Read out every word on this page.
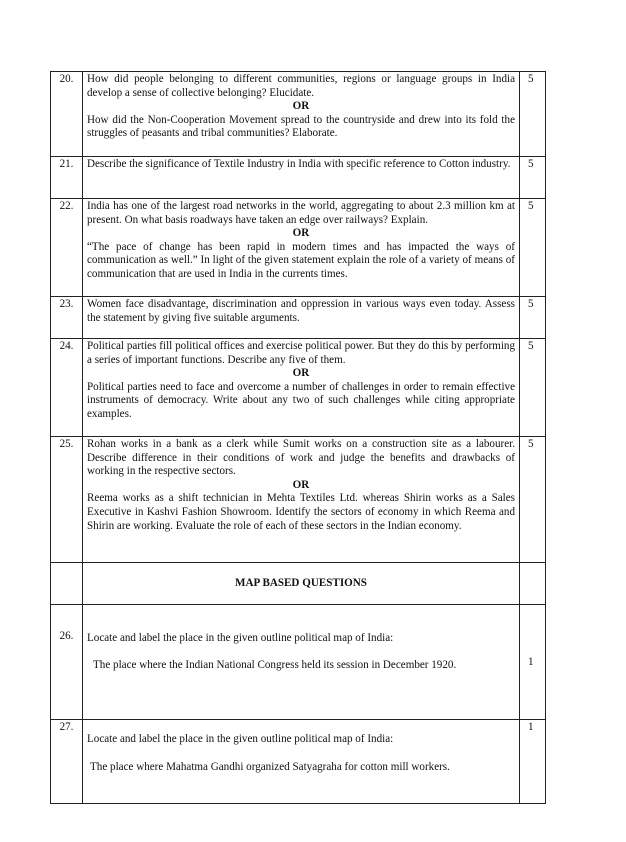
20.	How did people belonging to different communities, regions or language groups in India develop a sense of collective belonging? Elucidate.
OR
How did the Non-Cooperation Movement spread to the countryside and drew into its fold the struggles of peasants and tribal communities? Elaborate.	5
21.	Describe the significance of Textile Industry in India with specific reference to Cotton industry.	5
22.	India has one of the largest road networks in the world, aggregating to about 2.3 million km at present. On what basis roadways have taken an edge over railways? Explain.
OR
“The pace of change has been rapid in modern times and has impacted the ways of communication as well.” In light of the given statement explain the role of a variety of means of communication that are used in India in the currents times.	5
23.	Women face disadvantage, discrimination and oppression in various ways even today. Assess the statement by giving five suitable arguments.	5
24.	Political parties fill political offices and exercise political power. But they do this by performing a series of important functions. Describe any five of them.
OR
Political parties need to face and overcome a number of challenges in order to remain effective instruments of democracy. Write about any two of such challenges while citing appropriate examples.	5
25.	Rohan works in a bank as a clerk while Sumit works on a construction site as a labourer. Describe difference in their conditions of work and judge the benefits and drawbacks of working in the respective sectors.
OR
Reema works as a shift technician in Mehta Textiles Ltd. whereas Shirin works as a Sales Executive in Kashvi Fashion Showroom. Identify the sectors of economy in which Reema and Shirin are working. Evaluate the role of each of these sectors in the Indian economy.	5
	MAP BASED QUESTIONS	
26.	Locate and label the place in the given outline political map of India:
The place where the Indian National Congress held its session in December 1920.	1
27.	Locate and label the place in the given outline political map of India:
The place where Mahatma Gandhi organized Satyagraha for cotton mill workers.	1
